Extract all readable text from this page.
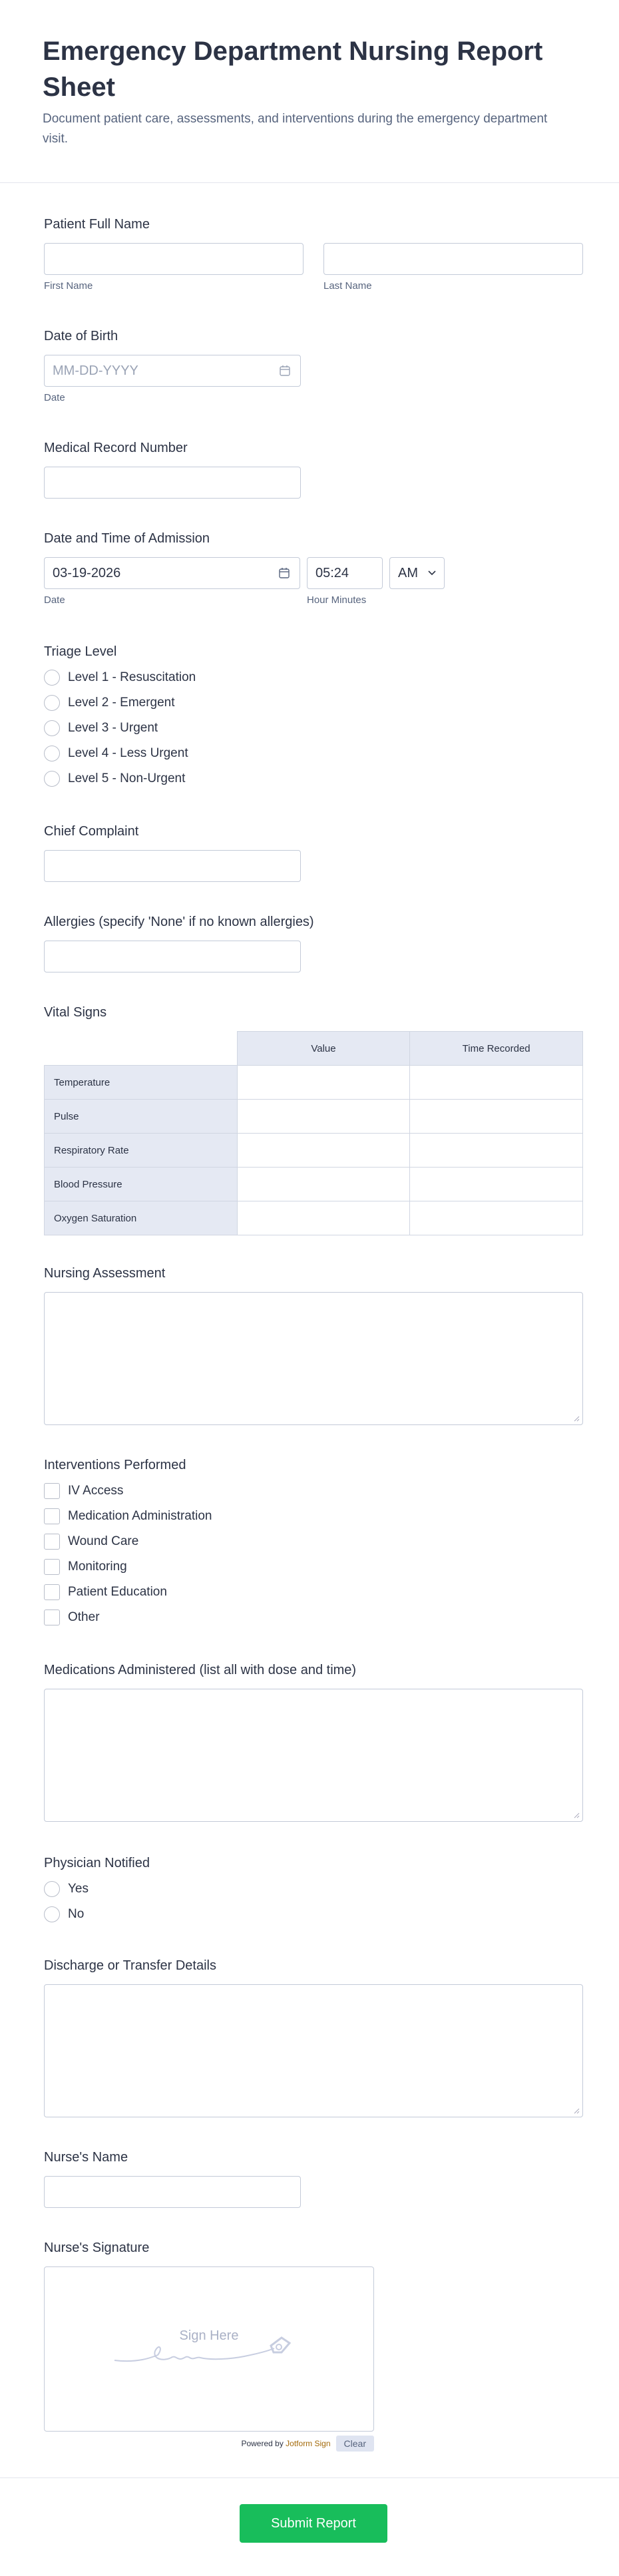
Emergency Department Nursing Report Sheet

Document patient care, assessments, and interventions during the emergency department visit.

Patient Full Name
First Name	Last Name
Date of Birth
MM-DD-YYYY
Date
Medical Record Number
Date and Time of Admission
03-19-2026
Date
05:24	AM
Hour Minutes
Triage Level
Level 1 - Resuscitation
Level 2 - Emergent
Level 3 - Urgent
Level 4 - Less Urgent
Level 5 - Non-Urgent
Chief Complaint
Allergies (specify 'None' if no known allergies)
Vital Signs
	Value	Time Recorded
Temperature		
Pulse		
Respiratory Rate		
Blood Pressure		
Oxygen Saturation		
Nursing Assessment
Interventions Performed
IV Access
Medication Administration
Wound Care
Monitoring
Patient Education
Other
Medications Administered (list all with dose and time)
Physician Notified
Yes
No
Discharge or Transfer Details
Nurse's Name
Nurse's Signature
Sign Here
Powered by Jotform Sign	Clear
Submit Report
